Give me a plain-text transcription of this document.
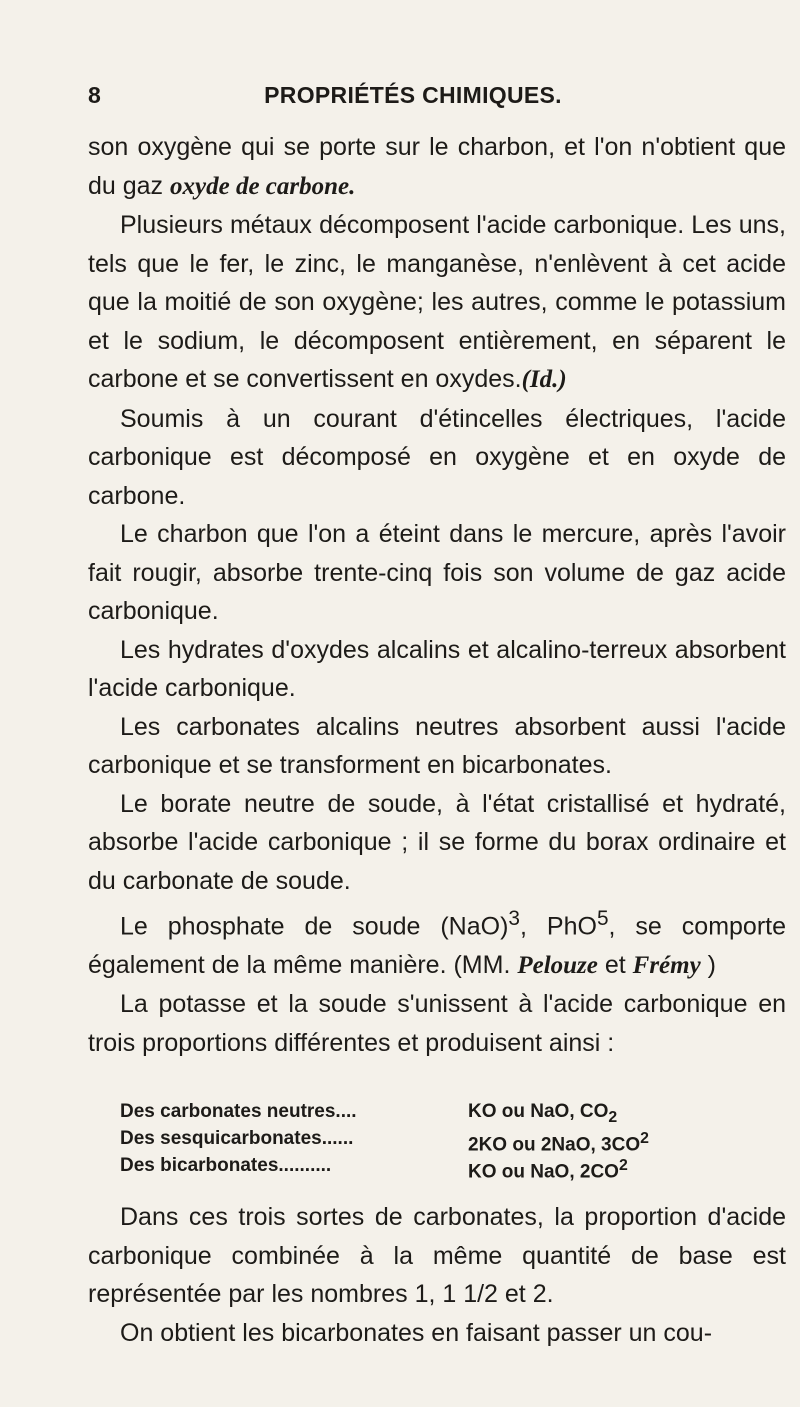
8	PROPRIÉTÉS CHIMIQUES.

son oxygène qui se porte sur le charbon, et l'on n'obtient que du gaz oxyde de carbone.

Plusieurs métaux décomposent l'acide carbonique. Les uns, tels que le fer, le zinc, le manganèse, n'enlèvent à cet acide que la moitié de son oxygène; les autres, comme le potassium et le sodium, le décomposent entièrement, en séparent le carbone et se convertissent en oxydes.(Id.)

Soumis à un courant d'étincelles électriques, l'acide carbonique est décomposé en oxygène et en oxyde de carbone.

Le charbon que l'on a éteint dans le mercure, après l'avoir fait rougir, absorbe trente-cinq fois son volume de gaz acide carbonique.

Les hydrates d'oxydes alcalins et alcalino-terreux absorbent l'acide carbonique.

Les carbonates alcalins neutres absorbent aussi l'acide carbonique et se transforment en bicarbonates.

Le borate neutre de soude, à l'état cristallisé et hydraté, absorbe l'acide carbonique ; il se forme du borax ordinaire et du carbonate de soude.

Le phosphate de soude (NaO)$^3$, PhO$^5$, se comporte également de la même manière. (MM. Pelouze et Frémy )

La potasse et la soude s'unissent à l'acide carbonique en trois proportions différentes et produisent ainsi :

Des carbonates neutres....	KO ou NaO, $CO_2$
Des sesquicarbonates......	2KO ou 2NaO, $3CO^2$
Des bicarbonates..........	KO ou NaO, $2CO^2$

Dans ces trois sortes de carbonates, la proportion d'acide carbonique combinée à la même quantité de base est représentée par les nombres 1, 1 1/2 et 2.

On obtient les bicarbonates en faisant passer un cou-
